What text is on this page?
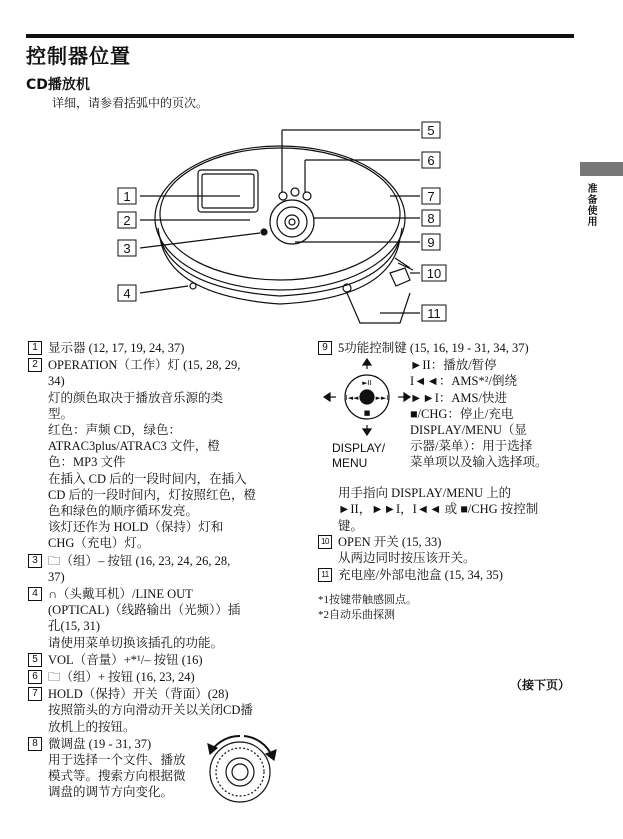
控制器位置
CD播放机
详细，请参看括弧中的页次。
准备使用
1
2
3
4
5
6
7
8
9
10
11
1 显示器 (12, 17, 19, 24, 37)
2 OPERATION（工作）灯 (15, 28, 29,
34)
灯的颜色取决于播放音乐源的类
型。
红色：声频 CD，绿色：
ATRAC3plus/ATRAC3 文件，橙
色：MP3 文件
在插入 CD 后的一段时间内，在插入
CD 后的一段时间内，灯按照红色，橙
色和绿色的顺序循环发亮。
该灯还作为 HOLD（保持）灯和
CHG（充电）灯。
3 🗀（组）– 按钮 (16, 23, 24, 26, 28,
37)
4 ∩（头戴耳机）/LINE OUT
(OPTICAL)（线路输出（光频））插
孔(15, 31)
请使用菜单切换该插孔的功能。
5 VOL（音量）+*¹/– 按钮 (16)
6 🗀（组）+ 按钮 (16, 23, 24)
7 HOLD（保持）开关（背面）(28)
按照箭头的方向滑动开关以关闭CD播
放机上的按钮。
8 微调盘 (19 - 31, 37)
用于选择一个文件、播放
模式等。搜索方向根据微
调盘的调节方向变化。
9 5功能控制键 (15, 16, 19 - 31, 34, 37)
►II
I◄◄ ►►I
■
►II：播放/暂停
I◄◄：AMS*²/倒绕
►►I：AMS/快进
■/CHG：停止/充电
DISPLAY/MENU（显
示器/菜单）：用于选择
菜单项以及输入选择项。
DISPLAY/
MENU
用手指向 DISPLAY/MENU 上的
►II，►►I，I◄◄ 或 ■/CHG 按控制
键。
10 OPEN 开关 (15, 33)
从两边同时按压该开关。
11 充电座/外部电池盒 (15, 34, 35)
*1按键带触感圆点。
*2自动乐曲探测
（接下页）
